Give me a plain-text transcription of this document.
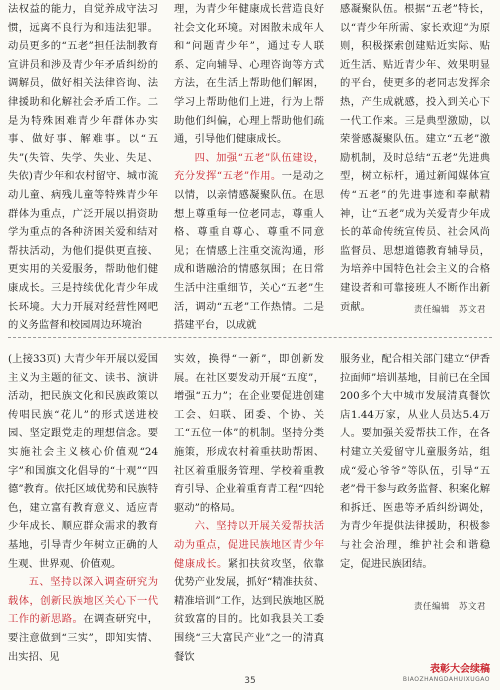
法权益的能力，自觉养成守法习惯，远离不良行为和违法犯罪。动员更多的“五老”担任法制教育宣讲员和涉及青少年矛盾纠纷的调解员，做好相关法律咨询、法律援助和化解社会矛盾工作。二是为特殊困难青少年群体办实事、做好事、解难事。以“五失”(失管、失学、失业、失足、失依)青少年和农村留守、城市流动儿童、病残儿童等特殊青少年群体为重点，广泛开展以捐资助学为重点的各种济困关爱和结对帮扶活动，为他们提供更直接、更实用的关爱服务，帮助他们健康成长。三是持续优化青少年成长环境。大力开展对经营性网吧的义务监督和校园周边环境治

理，为青少年健康成长营造良好社会文化环境。对困散未成年人和“问题青少年”，通过专人联系、定向辅导、心理咨询等方式方法，在生活上帮助他们解困，学习上帮助他们上进，行为上帮助他们纠偏，心理上帮助他们疏通，引导他们健康成长。

四、加强“五老”队伍建设，充分发挥“五老”作用。一是动之以情，以亲情感凝聚队伍。在思想上尊重每一位老同志，尊重人格、尊重自尊心、尊重不同意见；在情感上注重交流沟通，形成和谐融洽的情感氛围；在日常生活中注重细节，关心“五老”生活，调动“五老”工作热情。二是搭建平台，以成就

感凝聚队伍。根据“五老”特长，以“青少年所需、家长欢迎”为原则，积极探索创建贴近实际、贴近生活、贴近青少年、效果明显的平台，使更多的老同志发挥余热，产生成就感，投入到关心下一代工作来。三是典型激励，以荣誉感凝聚队伍。建立“五老”激励机制，及时总结“五老”先进典型，树立标杆，通过新闻媒体宣传“五老”的先进事迹和奉献精神，让“五老”成为关爱青少年成长的革命传统宣传员、社会风尚监督员、思想道德教育辅导员，为培养中国特色社会主义的合格建设者和可靠接班人不断作出新贡献。	责任编辑　苏文君

(上接33页) 大青少年开展以爱国主义为主题的征文、读书、演讲活动，把民族文化和民族政策以传唱民族“花儿”的形式送进校园、坚定跟党走的理想信念。要实施社会主义核心价值观“24字”和国旗文化倡导的“十观”“四德”教育。依托区域优势和民族特色，建立富有教育意义、适应青少年成长、顺应群众需求的教育基地，引导青少年树立正确的人生观、世界观、价值观。

五、坚持以深入调查研究为载体，创新民族地区关心下一代工作的新思路。在调查研究中，要注意做到“三实”，即知实情、出实招、见

实效，换得“一新”，即创新发展。在社区要发动开展“五度”，增强“五力”；在企业要促进创建工会、妇联、团委、个协、关工“五位一体”的机制。坚持分类施策，形成农村着重扶助帮困、社区着重服务管理、学校着重教育引导、企业着重育青工程“四轮驱动”的格局。

六、坚持以开展关爱帮扶活动为重点，促进民族地区青少年健康成长。紧扣扶贫攻坚，依靠优势产业发展，抓好“精准扶贫、精准培训”工作，达到民族地区脱贫致富的目的。比如我县关工委围绕“三大富民产业”之一的清真餐饮

服务业，配合相关部门建立“伊香拉面师”培训基地，目前已在全国200多个大中城市发展清真餐饮店1.44万家，从业人员达5.4万人。要加强关爱帮扶工作，在各村建立关爱留守儿童服务站，组成“爱心爷爷”等队伍，引导“五老”骨干参与政务监督、积案化解和拆迁、医患等矛盾纠纷调处，为青少年提供法律援助，积极参与社会治理，维护社会和谐稳定，促进民族团结。

责任编辑　苏文君
35
表彰大会续稿
BIAOZHANGDAHUIXUGAO
